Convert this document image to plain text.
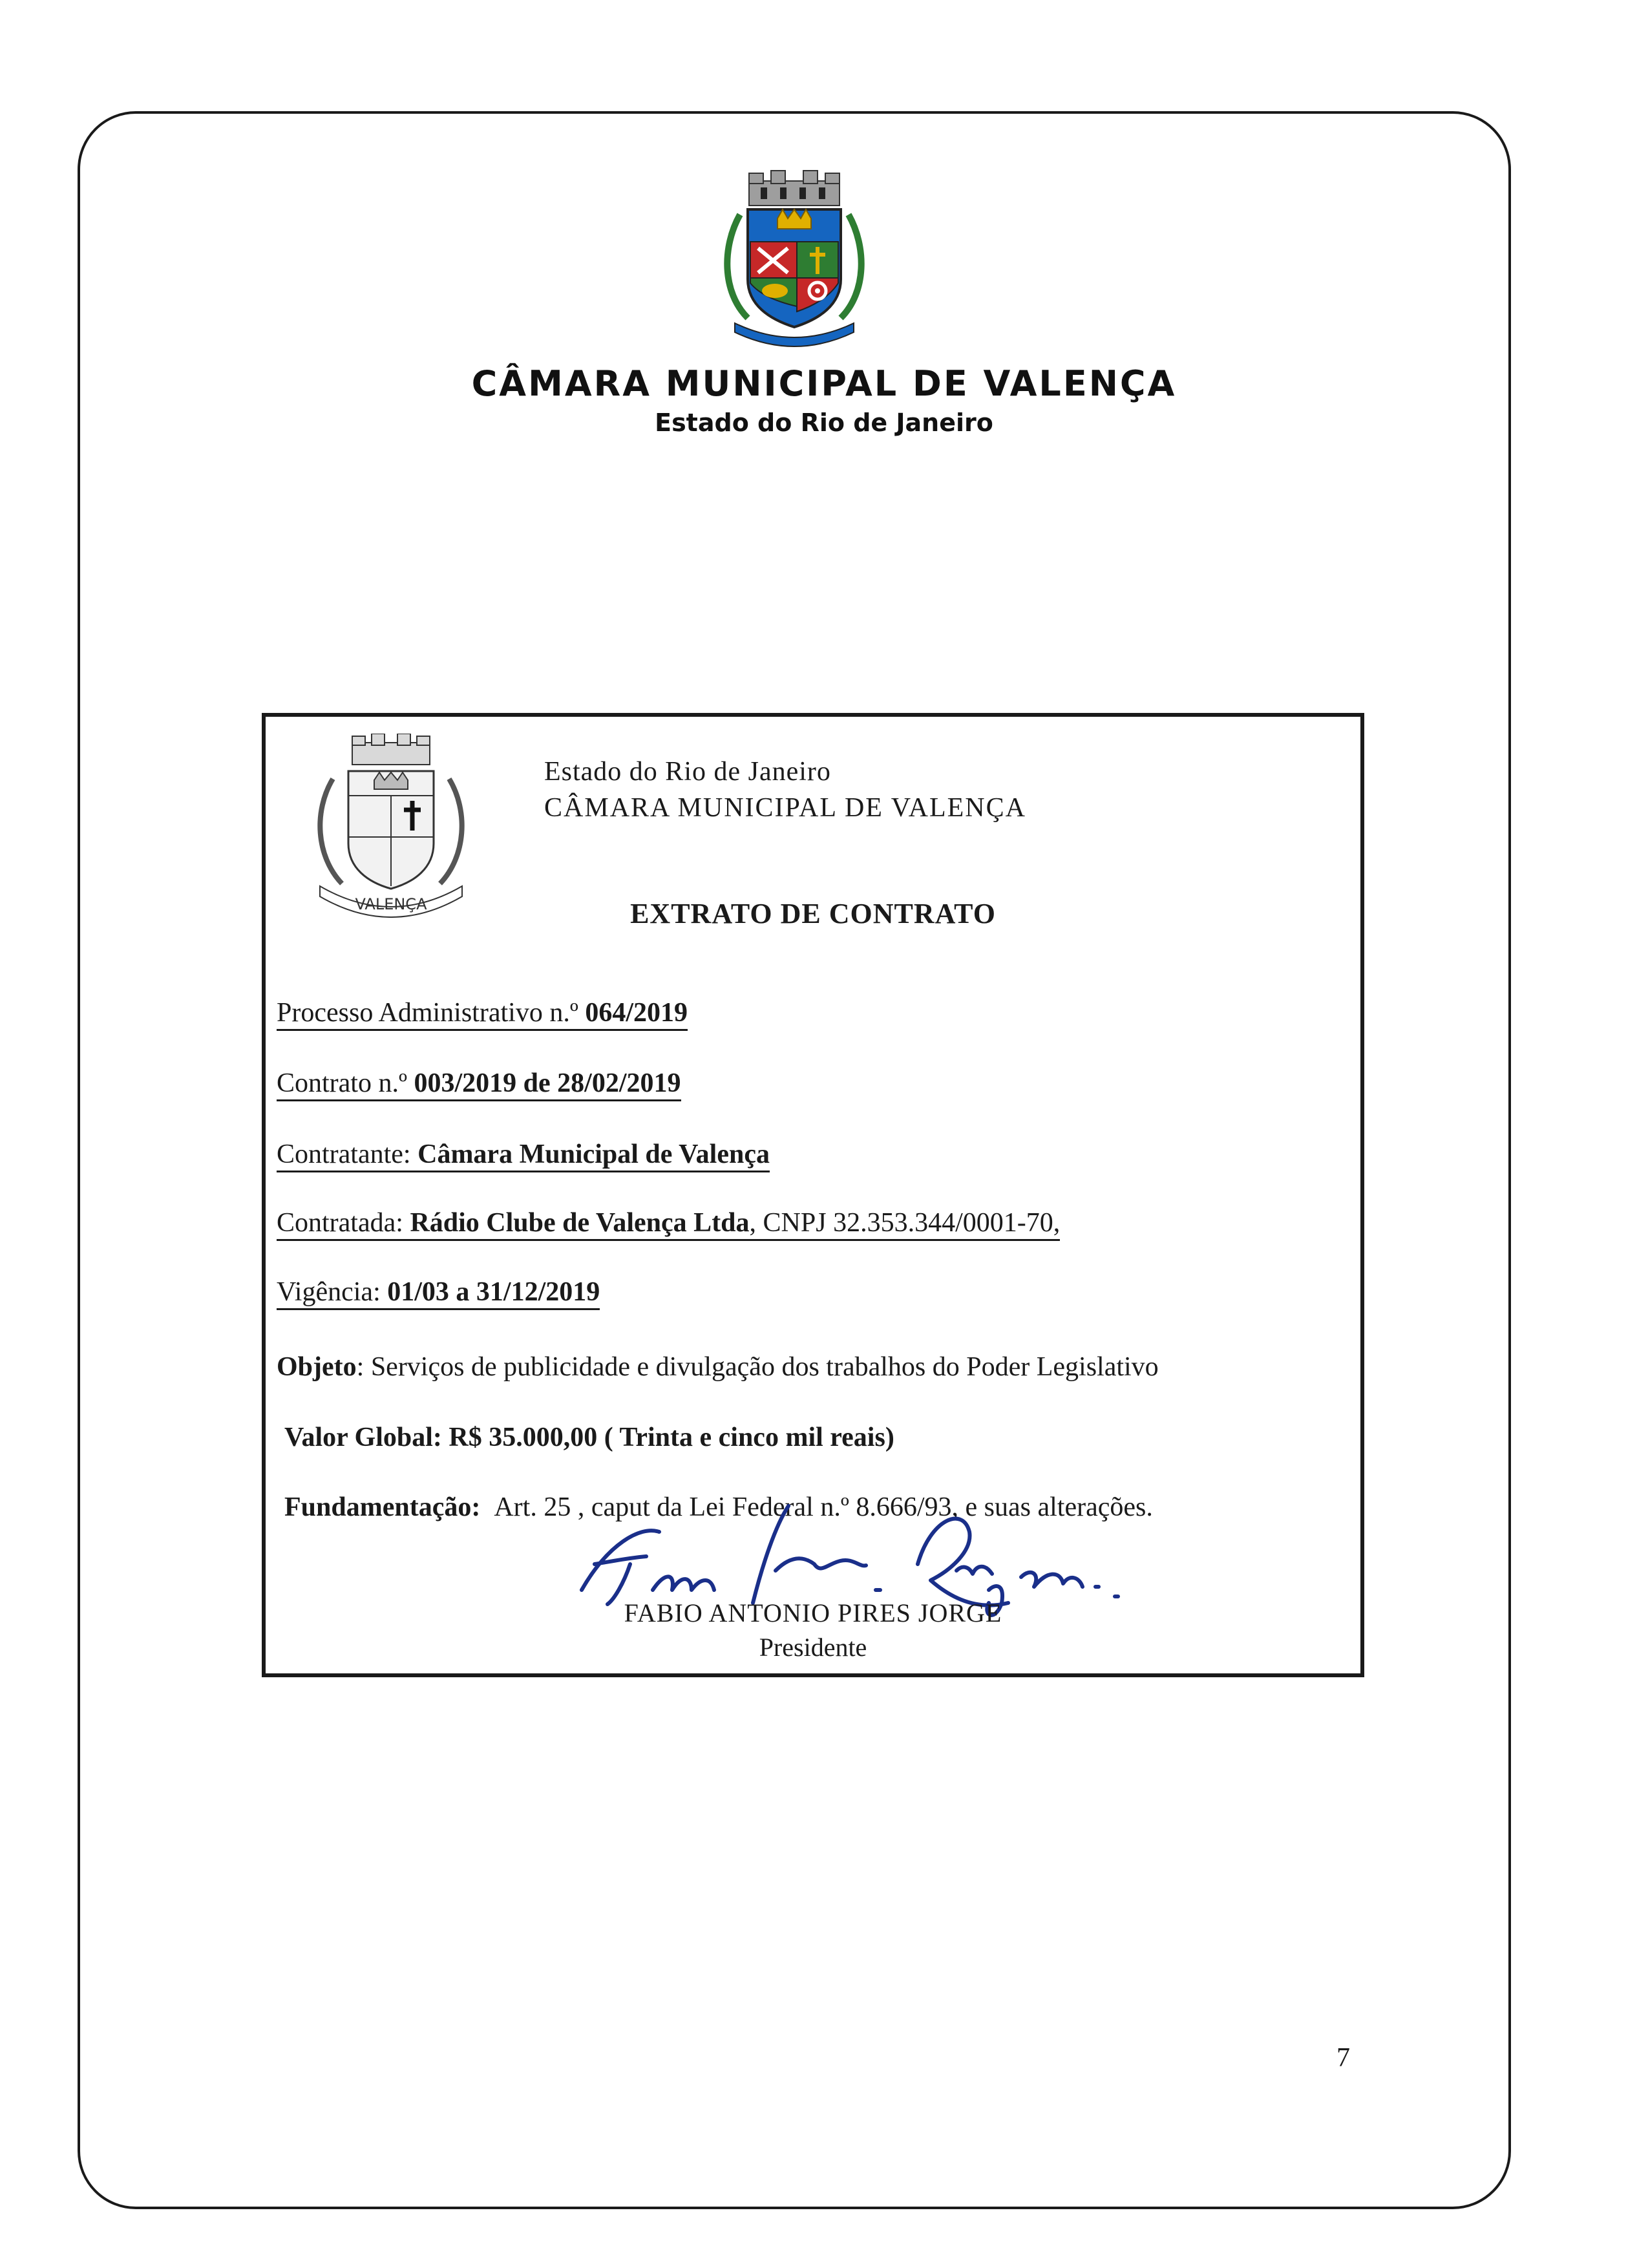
CÂMARA MUNICIPAL DE VALENÇA
Estado do Rio de Janeiro
VALENÇA
Estado do Rio de Janeiro
CÂMARA MUNICIPAL DE VALENÇA
EXTRATO DE CONTRATO
Processo Administrativo n.º 064/2019
Contrato n.º 003/2019 de 28/02/2019
Contratante: Câmara Municipal de Valença
Contratada: Rádio Clube de Valença Ltda, CNPJ 32.353.344/0001-70,
Vigência: 01/03 a 31/12/2019
Objeto: Serviços de publicidade e divulgação dos trabalhos do Poder Legislativo
Valor Global: R$ 35.000,00 ( Trinta e cinco mil reais)
Fundamentação: Art. 25 , caput da Lei Federal n.º 8.666/93, e suas alterações.
FABIO ANTONIO PIRES JORGE
Presidente
7
